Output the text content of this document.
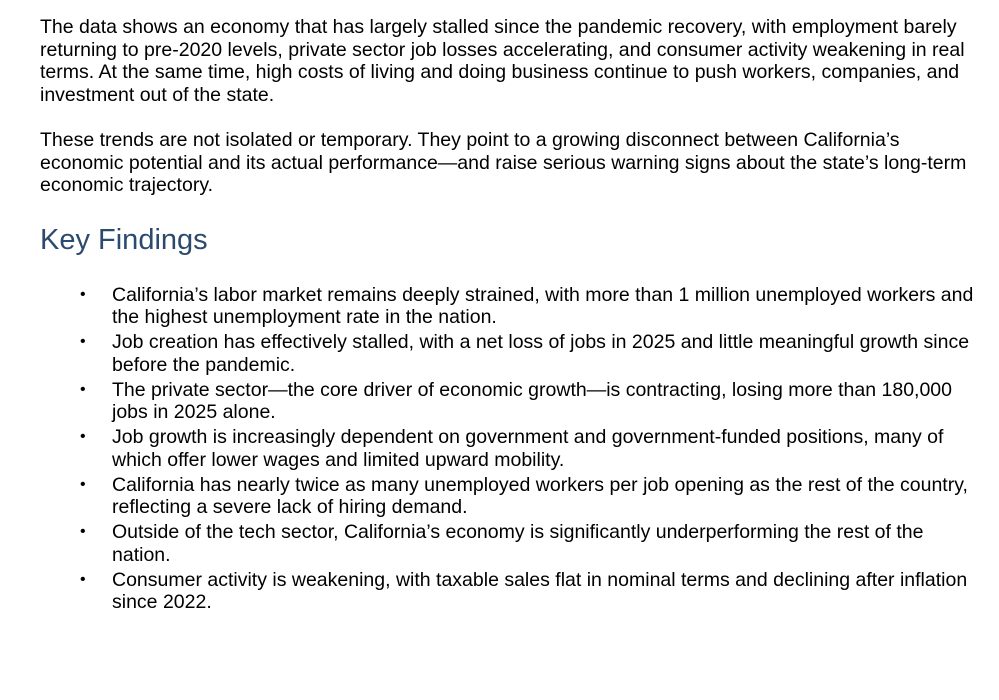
The data shows an economy that has largely stalled since the pandemic recovery, with employment barely returning to pre-2020 levels, private sector job losses accelerating, and consumer activity weakening in real terms. At the same time, high costs of living and doing business continue to push workers, companies, and investment out of the state.

These trends are not isolated or temporary. They point to a growing disconnect between California’s economic potential and its actual performance—and raise serious warning signs about the state’s long-term economic trajectory.

Key Findings
• California’s labor market remains deeply strained, with more than 1 million unemployed workers and the highest unemployment rate in the nation.
• Job creation has effectively stalled, with a net loss of jobs in 2025 and little meaningful growth since before the pandemic.
• The private sector—the core driver of economic growth—is contracting, losing more than 180,000 jobs in 2025 alone.
• Job growth is increasingly dependent on government and government-funded positions, many of which offer lower wages and limited upward mobility.
• California has nearly twice as many unemployed workers per job opening as the rest of the country, reflecting a severe lack of hiring demand.
• Outside of the tech sector, California’s economy is significantly underperforming the rest of the nation.
• Consumer activity is weakening, with taxable sales flat in nominal terms and declining after inflation since 2022.
